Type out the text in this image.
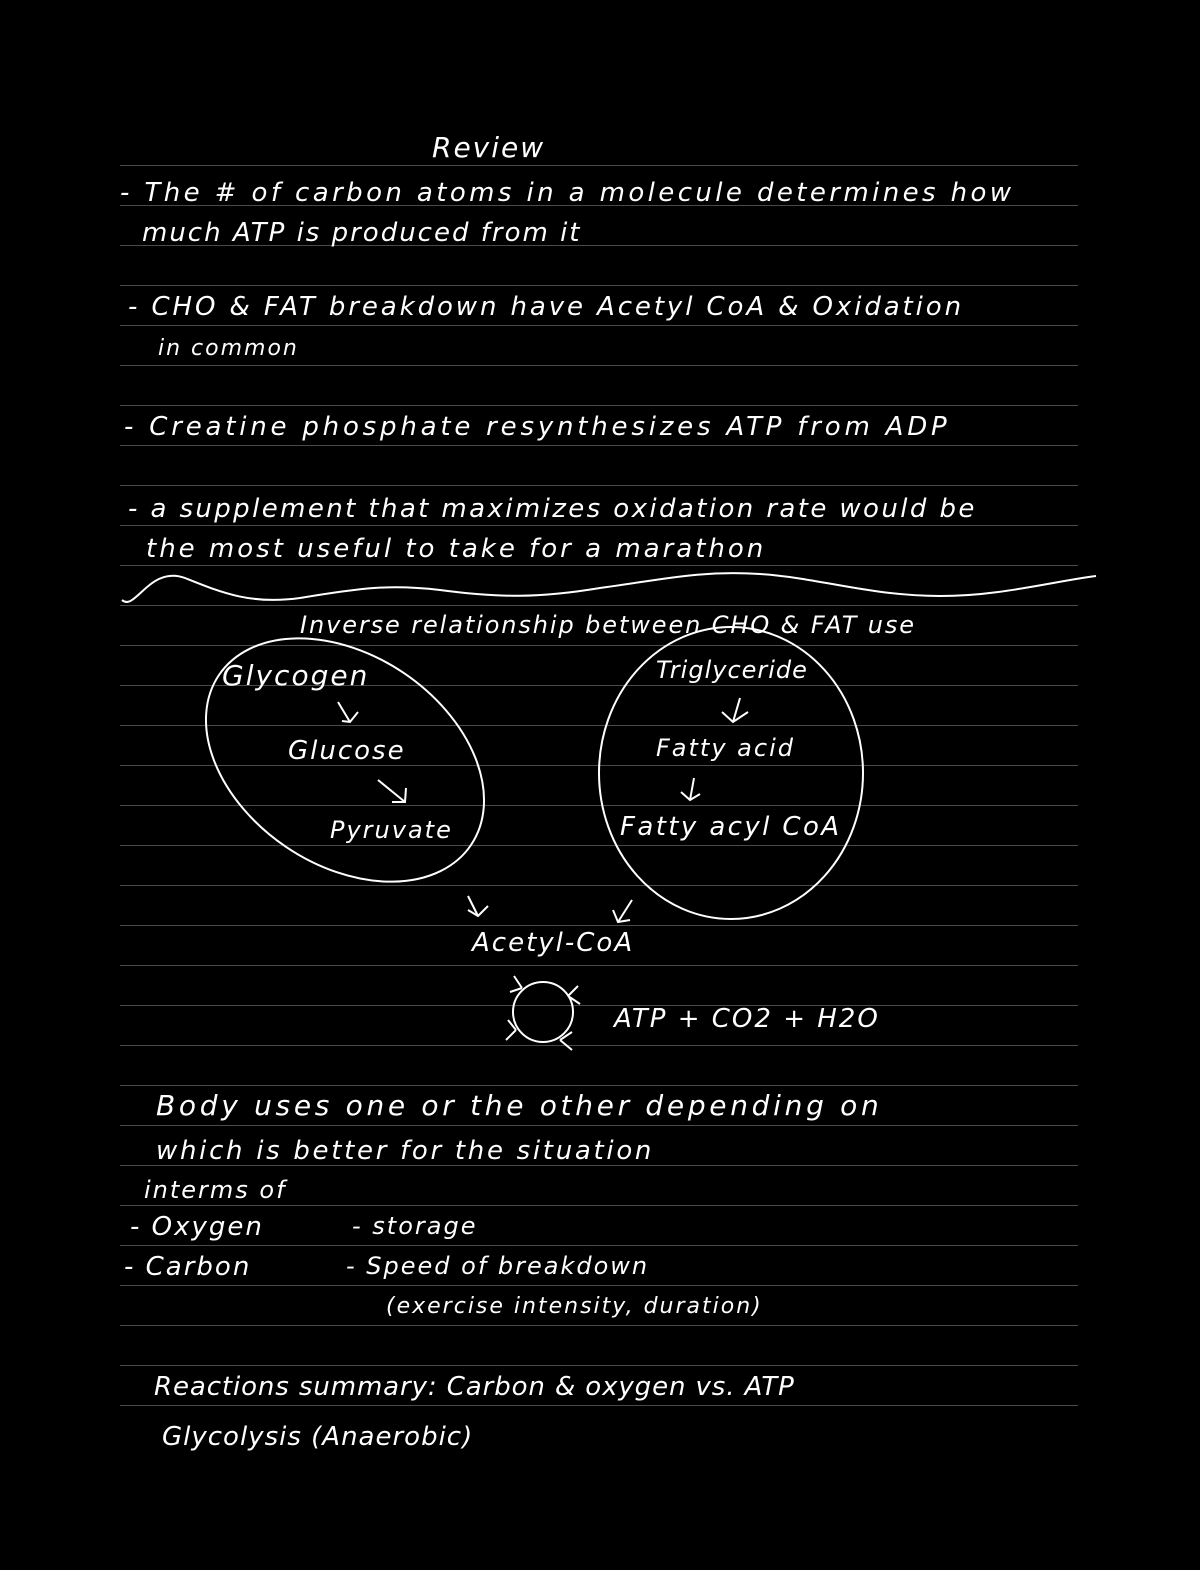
Review
- The # of carbon atoms in a molecule determines how
much ATP is produced from it
- CHO & FAT breakdown have Acetyl CoA & Oxidation
in common
- Creatine phosphate resynthesizes ATP from ADP
- a supplement that maximizes oxidation rate would be
the most useful to take for a marathon
Inverse relationship between CHO & FAT use
Glycogen
Glucose
Pyruvate
Triglyceride
Fatty acid
Fatty acyl CoA
Acetyl-CoA
ATP + CO2 + H2O
Body uses one or the other depending on
which is better for the situation
interms of
- Oxygen
- Carbon
- storage
- Speed of breakdown
(exercise intensity, duration)
Reactions summary: Carbon & oxygen vs. ATP
Glycolysis (Anaerobic)
